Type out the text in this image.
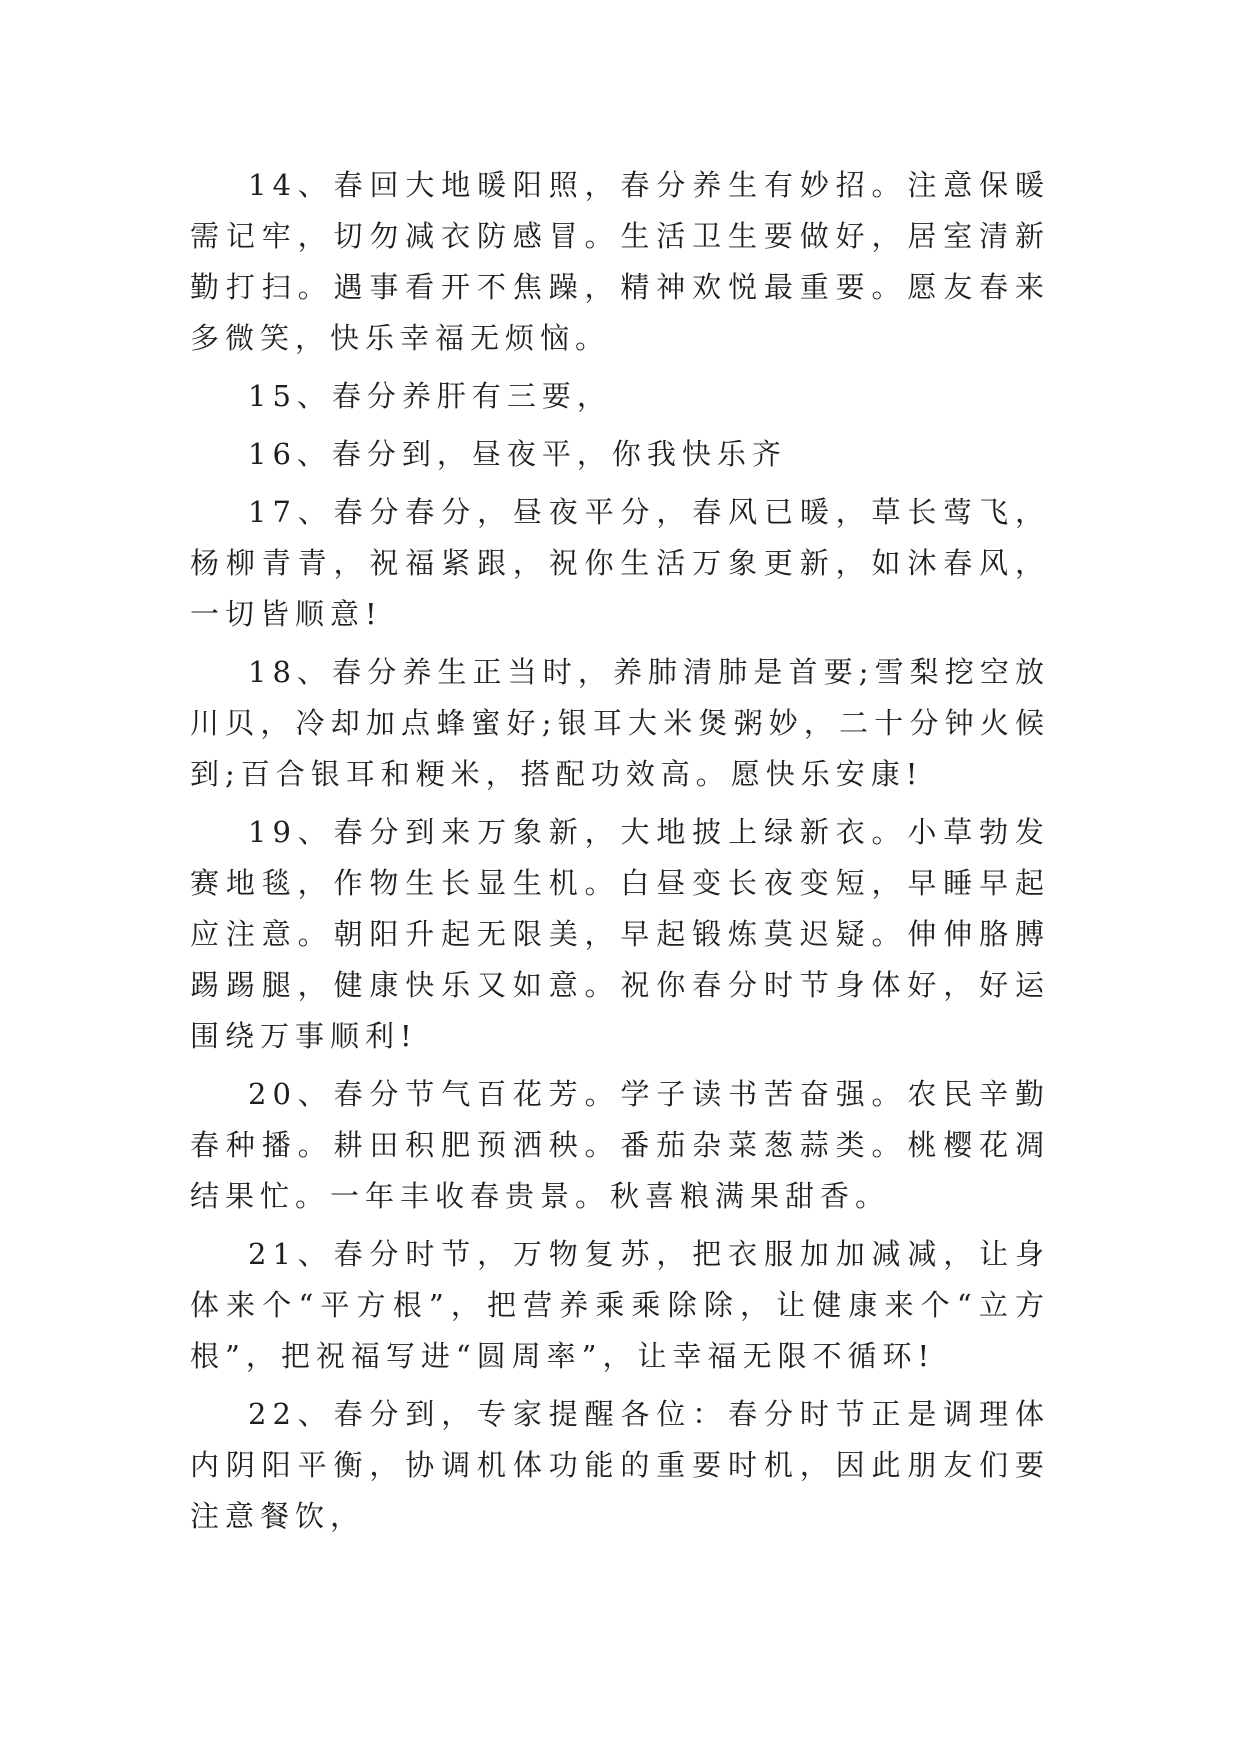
14、春回大地暖阳照，春分养生有妙招。注意保暖需记牢，切勿减衣防感冒。生活卫生要做好，居室清新勤打扫。遇事看开不焦躁，精神欢悦最重要。愿友春来多微笑，快乐幸福无烦恼。

15、春分养肝有三要，

16、春分到，昼夜平，你我快乐齐

17、春分春分，昼夜平分，春风已暖，草长莺飞，杨柳青青，祝福紧跟，祝你生活万象更新，如沐春风，一切皆顺意!

18、春分养生正当时，养肺清肺是首要;雪梨挖空放川贝，冷却加点蜂蜜好;银耳大米煲粥妙，二十分钟火候到;百合银耳和粳米，搭配功效高。愿快乐安康!

19、春分到来万象新，大地披上绿新衣。小草勃发赛地毯，作物生长显生机。白昼变长夜变短，早睡早起应注意。朝阳升起无限美，早起锻炼莫迟疑。伸伸胳膊踢踢腿，健康快乐又如意。祝你春分时节身体好，好运围绕万事顺利!

20、春分节气百花芳。学子读书苦奋强。农民辛勤春种播。耕田积肥预洒秧。番茄杂菜葱蒜类。桃樱花凋结果忙。一年丰收春贵景。秋喜粮满果甜香。

21、春分时节，万物复苏，把衣服加加减减，让身体来个“平方根”，把营养乘乘除除，让健康来个“立方根”，把祝福写进“圆周率”，让幸福无限不循环!

22、春分到，专家提醒各位：春分时节正是调理体内阴阳平衡，协调机体功能的重要时机，因此朋友们要注意餐饮，
